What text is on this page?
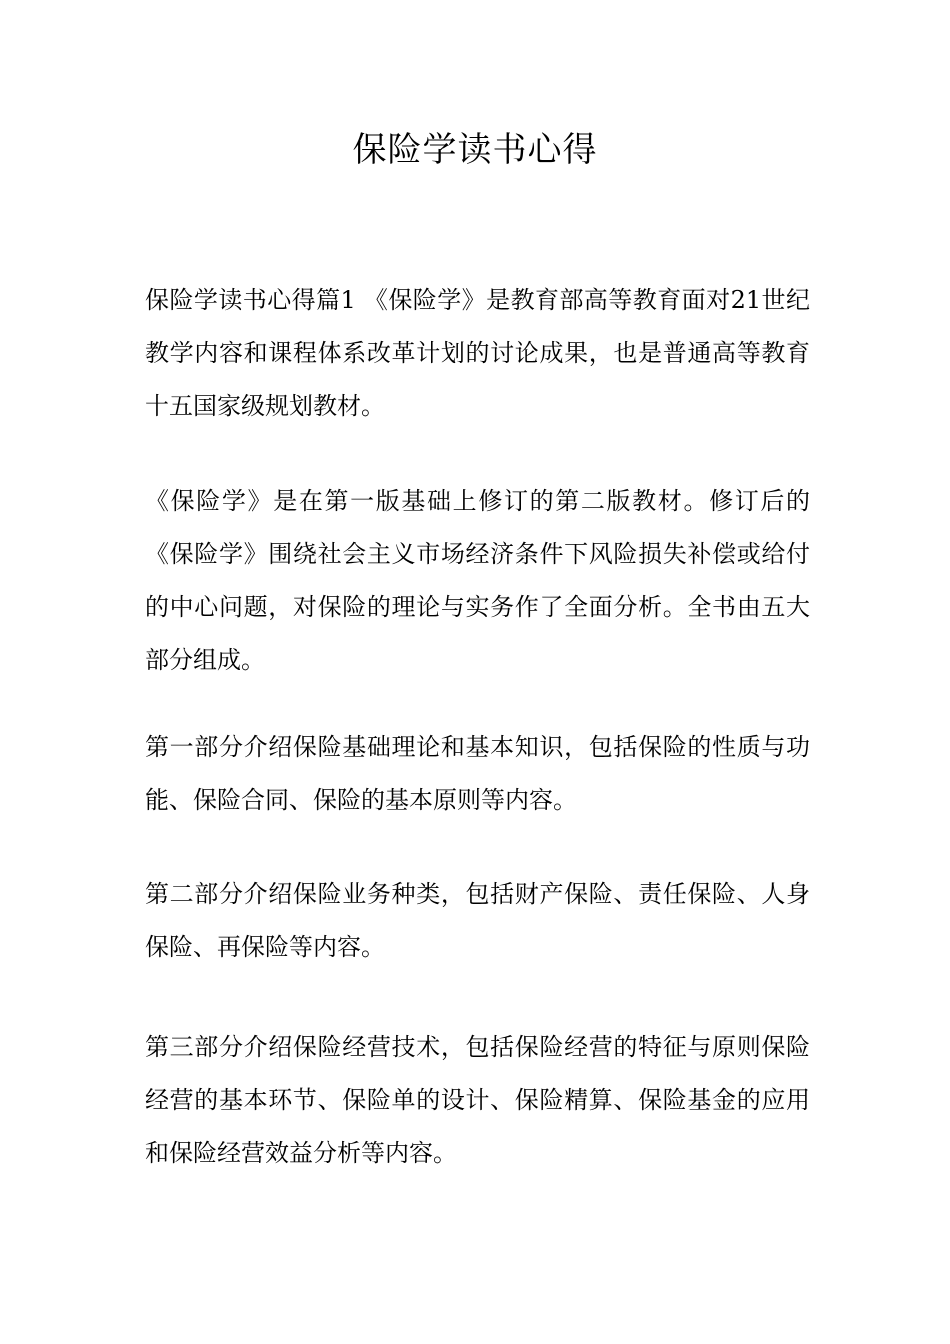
保险学读书心得

保险学读书心得篇1 《保险学》是教育部高等教育面对21世纪教学内容和课程体系改革计划的讨论成果，也是普通高等教育十五国家级规划教材。

《保险学》是在第一版基础上修订的第二版教材。修订后的《保险学》围绕社会主义市场经济条件下风险损失补偿或给付的中心问题，对保险的理论与实务作了全面分析。全书由五大部分组成。

第一部分介绍保险基础理论和基本知识，包括保险的性质与功能、保险合同、保险的基本原则等内容。

第二部分介绍保险业务种类，包括财产保险、责任保险、人身保险、再保险等内容。

第三部分介绍保险经营技术，包括保险经营的特征与原则保险经营的基本环节、保险单的设计、保险精算、保险基金的应用和保险经营效益分析等内容。
